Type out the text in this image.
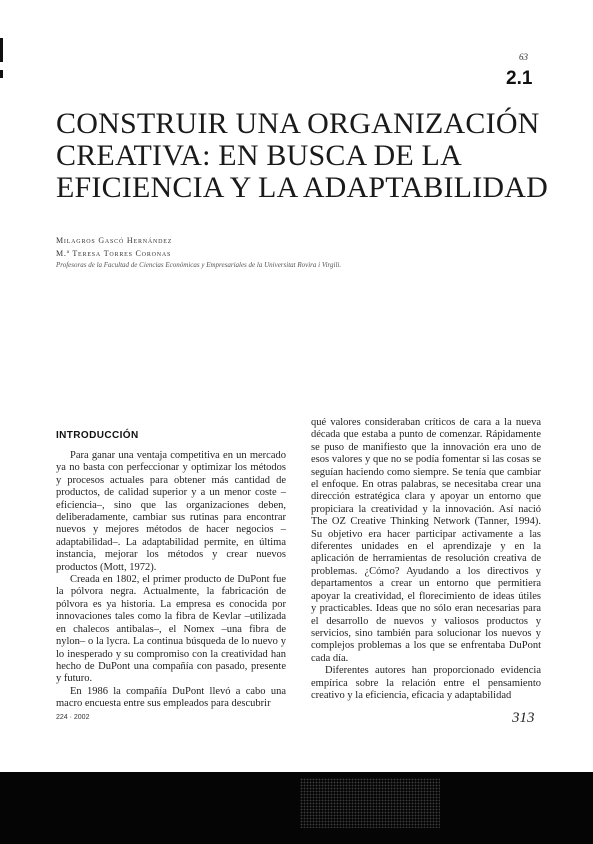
63
2.1
CONSTRUIR UNA ORGANIZACIÓN
CREATIVA: EN BUSCA DE LA
EFICIENCIA Y LA ADAPTABILIDAD
Milagros Gascó Hernández
M.ª Teresa Torres Coronas
Profesoras de la Facultad de Ciencias Económicas y Empresariales de la Universitat Rovira i Virgili.
INTRODUCCIÓN

Para ganar una ventaja competitiva en un mercado ya no basta con perfeccionar y optimizar los métodos y procesos actuales para obtener más cantidad de productos, de calidad superior y a un menor coste –eficiencia–, sino que las organizaciones deben, deliberadamente, cambiar sus rutinas para encontrar nuevos y mejores métodos de hacer negocios –adaptabilidad–. La adaptabilidad permite, en última instancia, mejorar los métodos y crear nuevos productos (Mott, 1972).

Creada en 1802, el primer producto de DuPont fue la pólvora negra. Actualmente, la fabricación de pólvora es ya historia. La empresa es conocida por innovaciones tales como la fibra de Kevlar –utilizada en chalecos antibalas–, el Nomex –una fibra de nylon– o la lycra. La continua búsqueda de lo nuevo y lo inesperado y su compromiso con la creatividad han hecho de DuPont una compañía con pasado, presente y futuro.

En 1986 la compañía DuPont llevó a cabo una macro encuesta entre sus empleados para descubrir

qué valores consideraban críticos de cara a la nueva década que estaba a punto de comenzar. Rápidamente se puso de manifiesto que la innovación era uno de esos valores y que no se podía fomentar si las cosas se seguían haciendo como siempre. Se tenía que cambiar el enfoque. En otras palabras, se necesitaba crear una dirección estratégica clara y apoyar un entorno que propiciara la creatividad y la innovación. Así nació The OZ Creative Thinking Network (Tanner, 1994). Su objetivo era hacer participar activamente a las diferentes unidades en el aprendizaje y en la aplicación de herramientas de resolución creativa de problemas. ¿Cómo? Ayudando a los directivos y departamentos a crear un entorno que permitiera apoyar la creatividad, el florecimiento de ideas útiles y practicables. Ideas que no sólo eran necesarias para el desarrollo de nuevos y valiosos productos y servicios, sino también para solucionar los nuevos y complejos problemas a los que se enfrentaba DuPont cada día.

Diferentes autores han proporcionado evidencia empírica sobre la relación entre el pensamiento creativo y la eficiencia, eficacia y adaptabilidad

224 · 2002	313
